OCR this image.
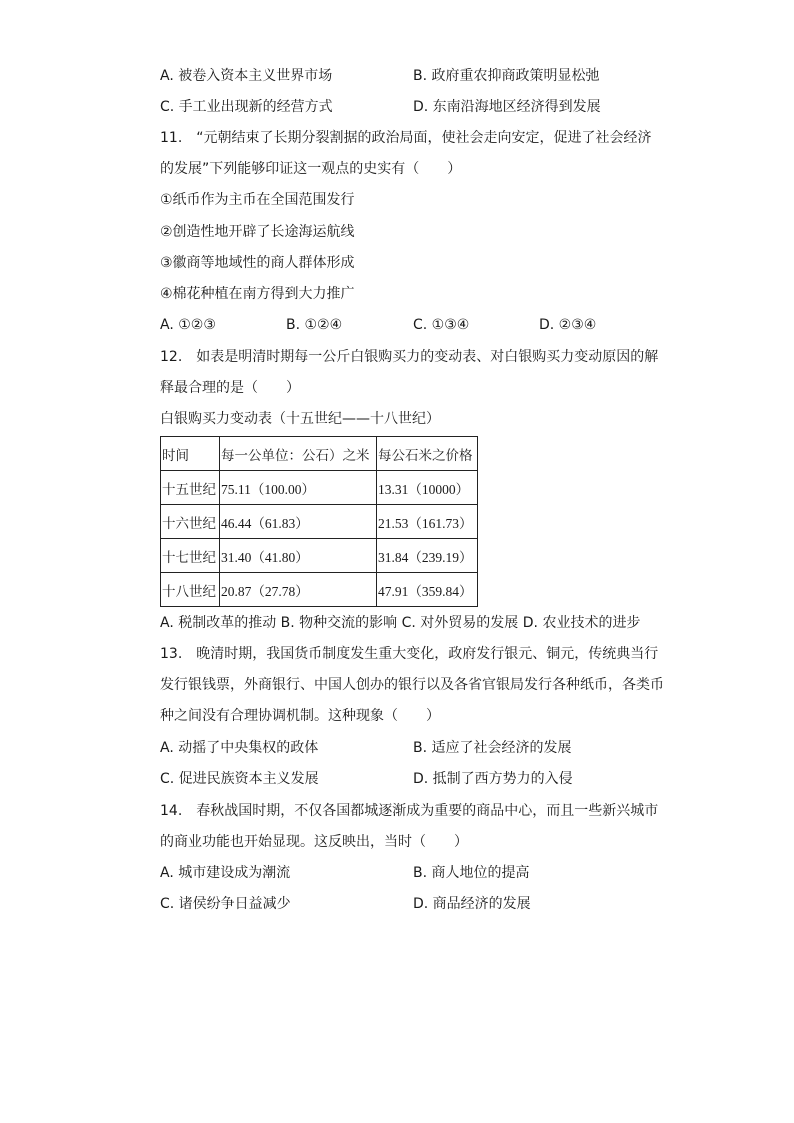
A. 被卷入资本主义世界市场	B. 政府重农抑商政策明显松弛
C. 手工业出现新的经营方式	D. 东南沿海地区经济得到发展
11.　“元朝结束了长期分裂割据的政治局面，使社会走向安定，促进了社会经济
的发展”下列能够印证这一观点的史实有（　　）
①纸币作为主币在全国范围发行
②创造性地开辟了长途海运航线
③徽商等地域性的商人群体形成
④棉花种植在南方得到大力推广
A. ①②③	B. ①②④	C. ①③④	D. ②③④
12.　如表是明清时期每一公斤白银购买力的变动表、对白银购买力变动原因的解
释最合理的是（　　）
白银购买力变动表（十五世纪——十八世纪）
时间	每一公单位：公石）之米	每公石米之价格
十五世纪	75.11（100.00）	13.31（10000）
十六世纪	46.44（61.83）	21.53（161.73）
十七世纪	31.40（41.80）	31.84（239.19）
十八世纪	20.87（27.78）	47.91（359.84）
A. 税制改革的推动 B. 物种交流的影响 C. 对外贸易的发展 D. 农业技术的进步
13.　晚清时期，我国货币制度发生重大变化，政府发行银元、铜元，传统典当行
发行银钱票，外商银行、中国人创办的银行以及各省官银局发行各种纸币，各类币
种之间没有合理协调机制。这种现象（　　）
A. 动摇了中央集权的政体	B. 适应了社会经济的发展
C. 促进民族资本主义发展	D. 抵制了西方势力的入侵
14.　春秋战国时期，不仅各国都城逐渐成为重要的商品中心，而且一些新兴城市
的商业功能也开始显现。这反映出，当时（　　）
A. 城市建设成为潮流	B. 商人地位的提高
C. 诸侯纷争日益减少	D. 商品经济的发展
